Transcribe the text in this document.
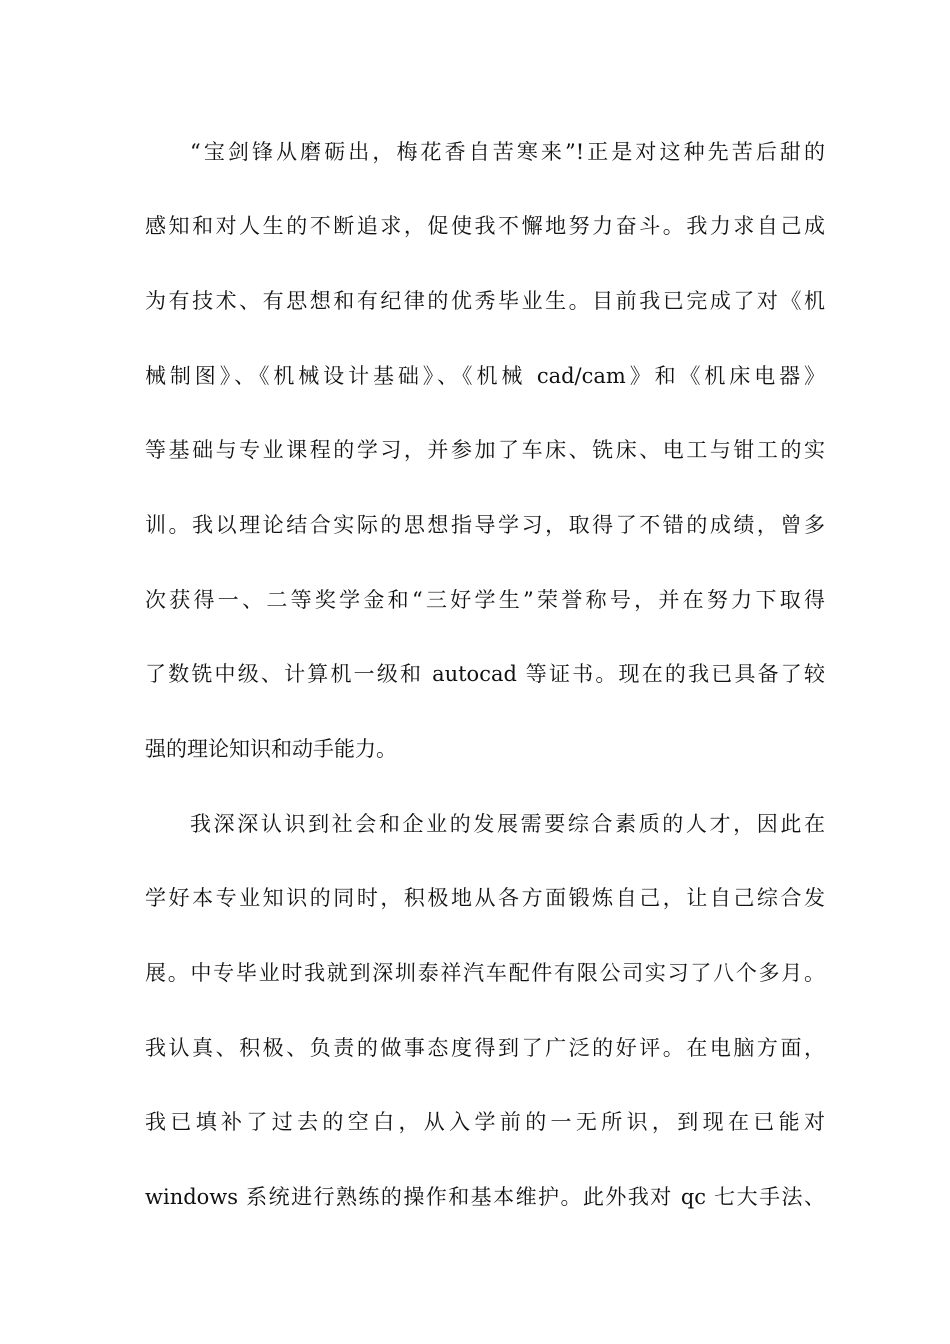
“宝剑锋从磨砺出，梅花香自苦寒来”!正是对这种先苦后甜的
感知和对人生的不断追求，促使我不懈地努力奋斗。我力求自己成
为有技术、有思想和有纪律的优秀毕业生。目前我已完成了对《机
械制图》、《机械设计基础》、《机械 cad/cam》和《机床电器》
等基础与专业课程的学习，并参加了车床、铣床、电工与钳工的实
训。我以理论结合实际的思想指导学习，取得了不错的成绩，曾多
次获得一、二等奖学金和“三好学生”荣誉称号，并在努力下取得
了数铣中级、计算机一级和 autocad 等证书。现在的我已具备了较
强的理论知识和动手能力。
我深深认识到社会和企业的发展需要综合素质的人才，因此在
学好本专业知识的同时，积极地从各方面锻炼自己，让自己综合发
展。中专毕业时我就到深圳泰祥汽车配件有限公司实习了八个多月。
我认真、积极、负责的做事态度得到了广泛的好评。在电脑方面，
我已填补了过去的空白，从入学前的一无所识，到现在已能对
windows 系统进行熟练的操作和基本维护。此外我对 qc 七大手法、
